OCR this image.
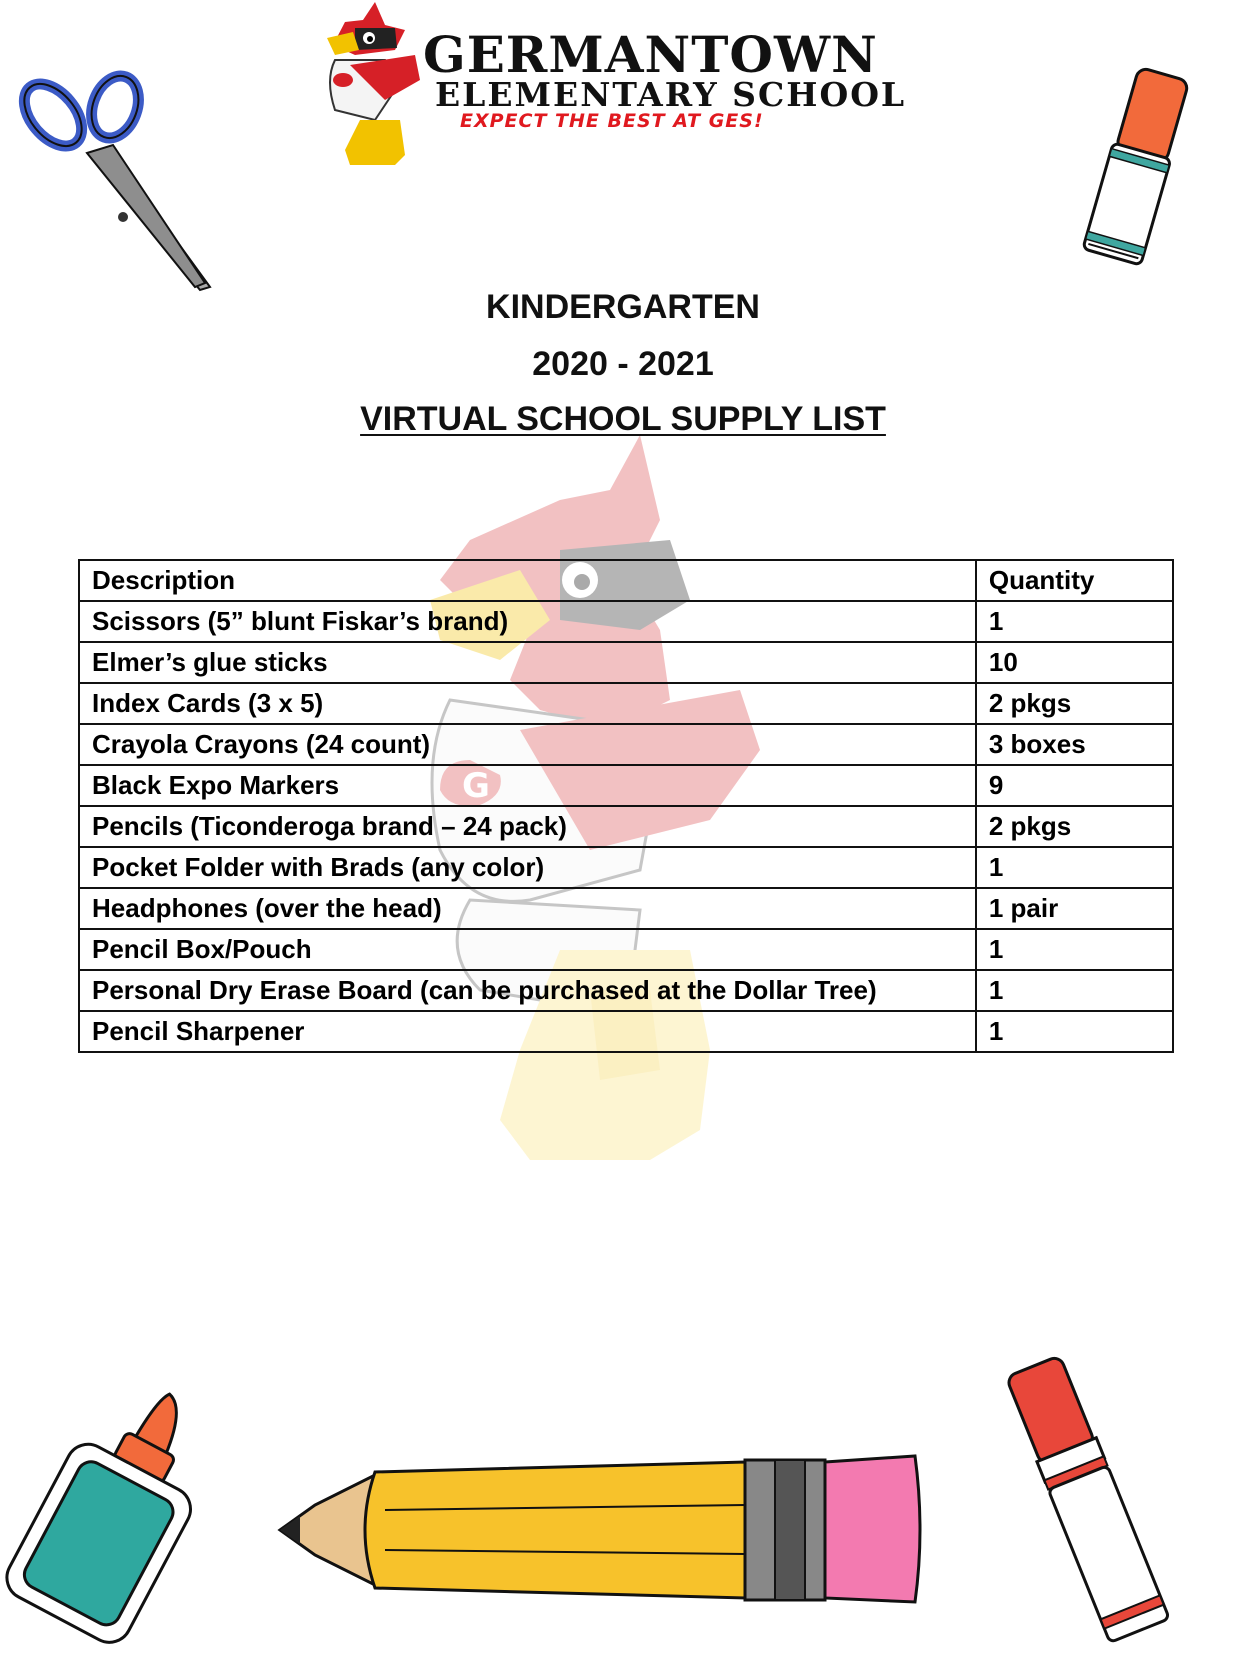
G
GERMANTOWN
ELEMENTARY SCHOOL
EXPECT THE BEST AT GES!
KINDERGARTEN
2020 - 2021
VIRTUAL SCHOOL SUPPLY LIST
Description	Quantity
Scissors (5” blunt Fiskar’s brand)	1
Elmer’s glue sticks	10
Index Cards (3 x 5)	2 pkgs
Crayola Crayons (24 count)	3 boxes
Black Expo Markers	9
Pencils (Ticonderoga brand – 24 pack)	2 pkgs
Pocket Folder with Brads (any color)	1
Headphones (over the head)	1 pair
Pencil Box/Pouch	1
Personal Dry Erase Board (can be purchased at the Dollar Tree)	1
Pencil Sharpener	1
